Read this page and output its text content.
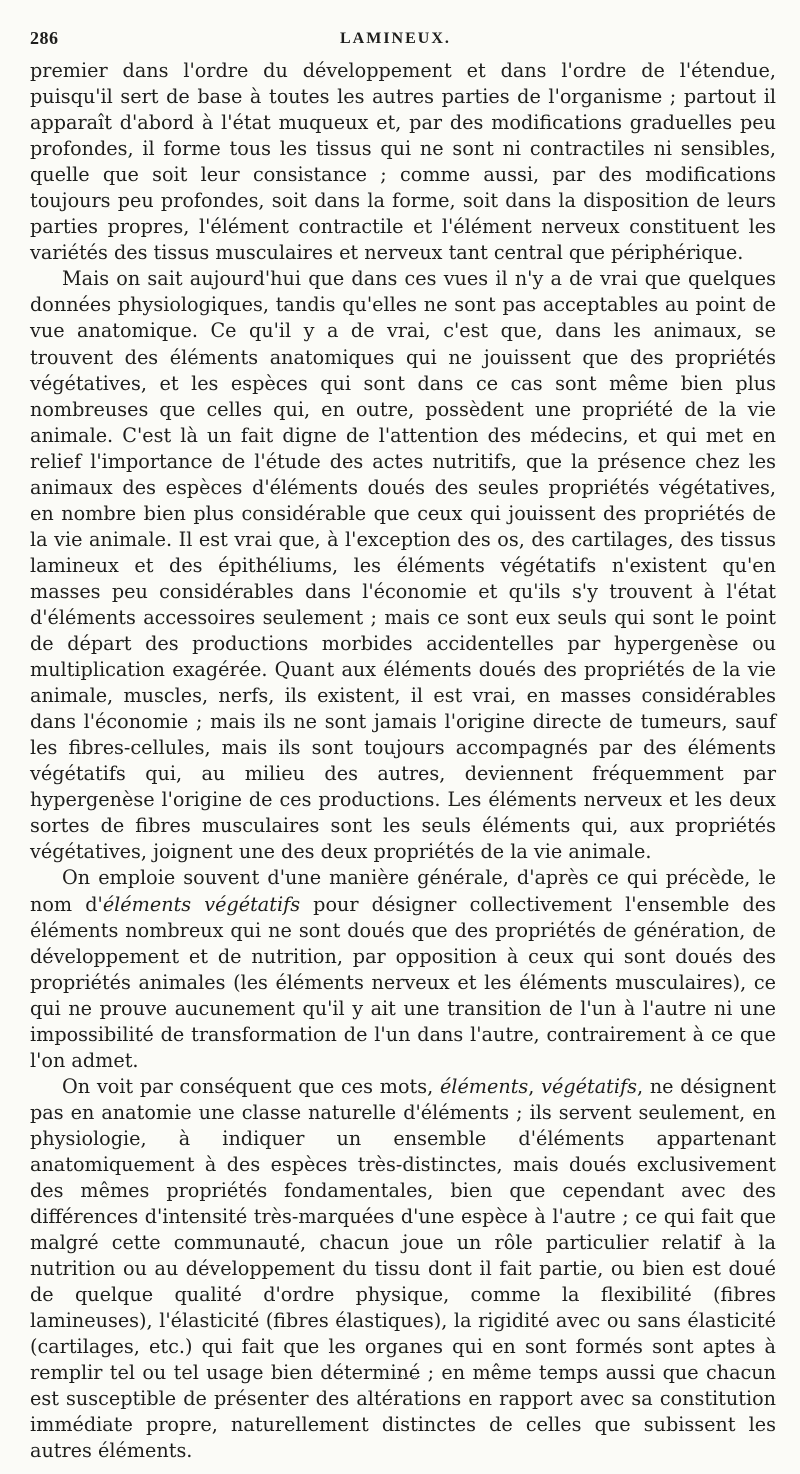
286	LAMINEUX.

premier dans l'ordre du développement et dans l'ordre de l'étendue, puisqu'il sert de base à toutes les autres parties de l'organisme ; partout il apparaît d'abord à l'état muqueux et, par des modifications graduelles peu profondes, il forme tous les tissus qui ne sont ni contractiles ni sensibles, quelle que soit leur consistance ; comme aussi, par des modifications toujours peu profondes, soit dans la forme, soit dans la disposition de leurs parties propres, l'élément contractile et l'élément nerveux constituent les variétés des tissus musculaires et nerveux tant central que périphérique.

Mais on sait aujourd'hui que dans ces vues il n'y a de vrai que quelques données physiologiques, tandis qu'elles ne sont pas acceptables au point de vue anatomique. Ce qu'il y a de vrai, c'est que, dans les animaux, se trouvent des éléments anatomiques qui ne jouissent que des propriétés végétatives, et les espèces qui sont dans ce cas sont même bien plus nombreuses que celles qui, en outre, possèdent une propriété de la vie animale. C'est là un fait digne de l'attention des médecins, et qui met en relief l'importance de l'étude des actes nutritifs, que la présence chez les animaux des espèces d'éléments doués des seules propriétés végétatives, en nombre bien plus considérable que ceux qui jouissent des propriétés de la vie animale. Il est vrai que, à l'exception des os, des cartilages, des tissus lamineux et des épithéliums, les éléments végétatifs n'existent qu'en masses peu considérables dans l'économie et qu'ils s'y trouvent à l'état d'éléments accessoires seulement ; mais ce sont eux seuls qui sont le point de départ des productions morbides accidentelles par hypergenèse ou multiplication exagérée. Quant aux éléments doués des propriétés de la vie animale, muscles, nerfs, ils existent, il est vrai, en masses considérables dans l'économie ; mais ils ne sont jamais l'origine directe de tumeurs, sauf les fibres-cellules, mais ils sont toujours accompagnés par des éléments végétatifs qui, au milieu des autres, deviennent fréquemment par hypergenèse l'origine de ces productions. Les éléments nerveux et les deux sortes de fibres musculaires sont les seuls éléments qui, aux propriétés végétatives, joignent une des deux propriétés de la vie animale.

On emploie souvent d'une manière générale, d'après ce qui précède, le nom d'éléments végétatifs pour désigner collectivement l'ensemble des éléments nombreux qui ne sont doués que des propriétés de génération, de développement et de nutrition, par opposition à ceux qui sont doués des propriétés animales (les éléments nerveux et les éléments musculaires), ce qui ne prouve aucunement qu'il y ait une transition de l'un à l'autre ni une impossibilité de transformation de l'un dans l'autre, contrairement à ce que l'on admet.

On voit par conséquent que ces mots, éléments, végétatifs, ne désignent pas en anatomie une classe naturelle d'éléments ; ils servent seulement, en physiologie, à indiquer un ensemble d'éléments appartenant anatomiquement à des espèces très-distinctes, mais doués exclusivement des mêmes propriétés fondamentales, bien que cependant avec des différences d'intensité très-marquées d'une espèce à l'autre ; ce qui fait que malgré cette communauté, chacun joue un rôle particulier relatif à la nutrition ou au développement du tissu dont il fait partie, ou bien est doué de quelque qualité d'ordre physique, comme la flexibilité (fibres lamineuses), l'élasticité (fibres élastiques), la rigidité avec ou sans élasticité (cartilages, etc.) qui fait que les organes qui en sont formés sont aptes à remplir tel ou tel usage bien déterminé ; en même temps aussi que chacun est susceptible de présenter des altérations en rapport avec sa constitution immédiate propre, naturellement distinctes de celles que subissent les autres éléments.
